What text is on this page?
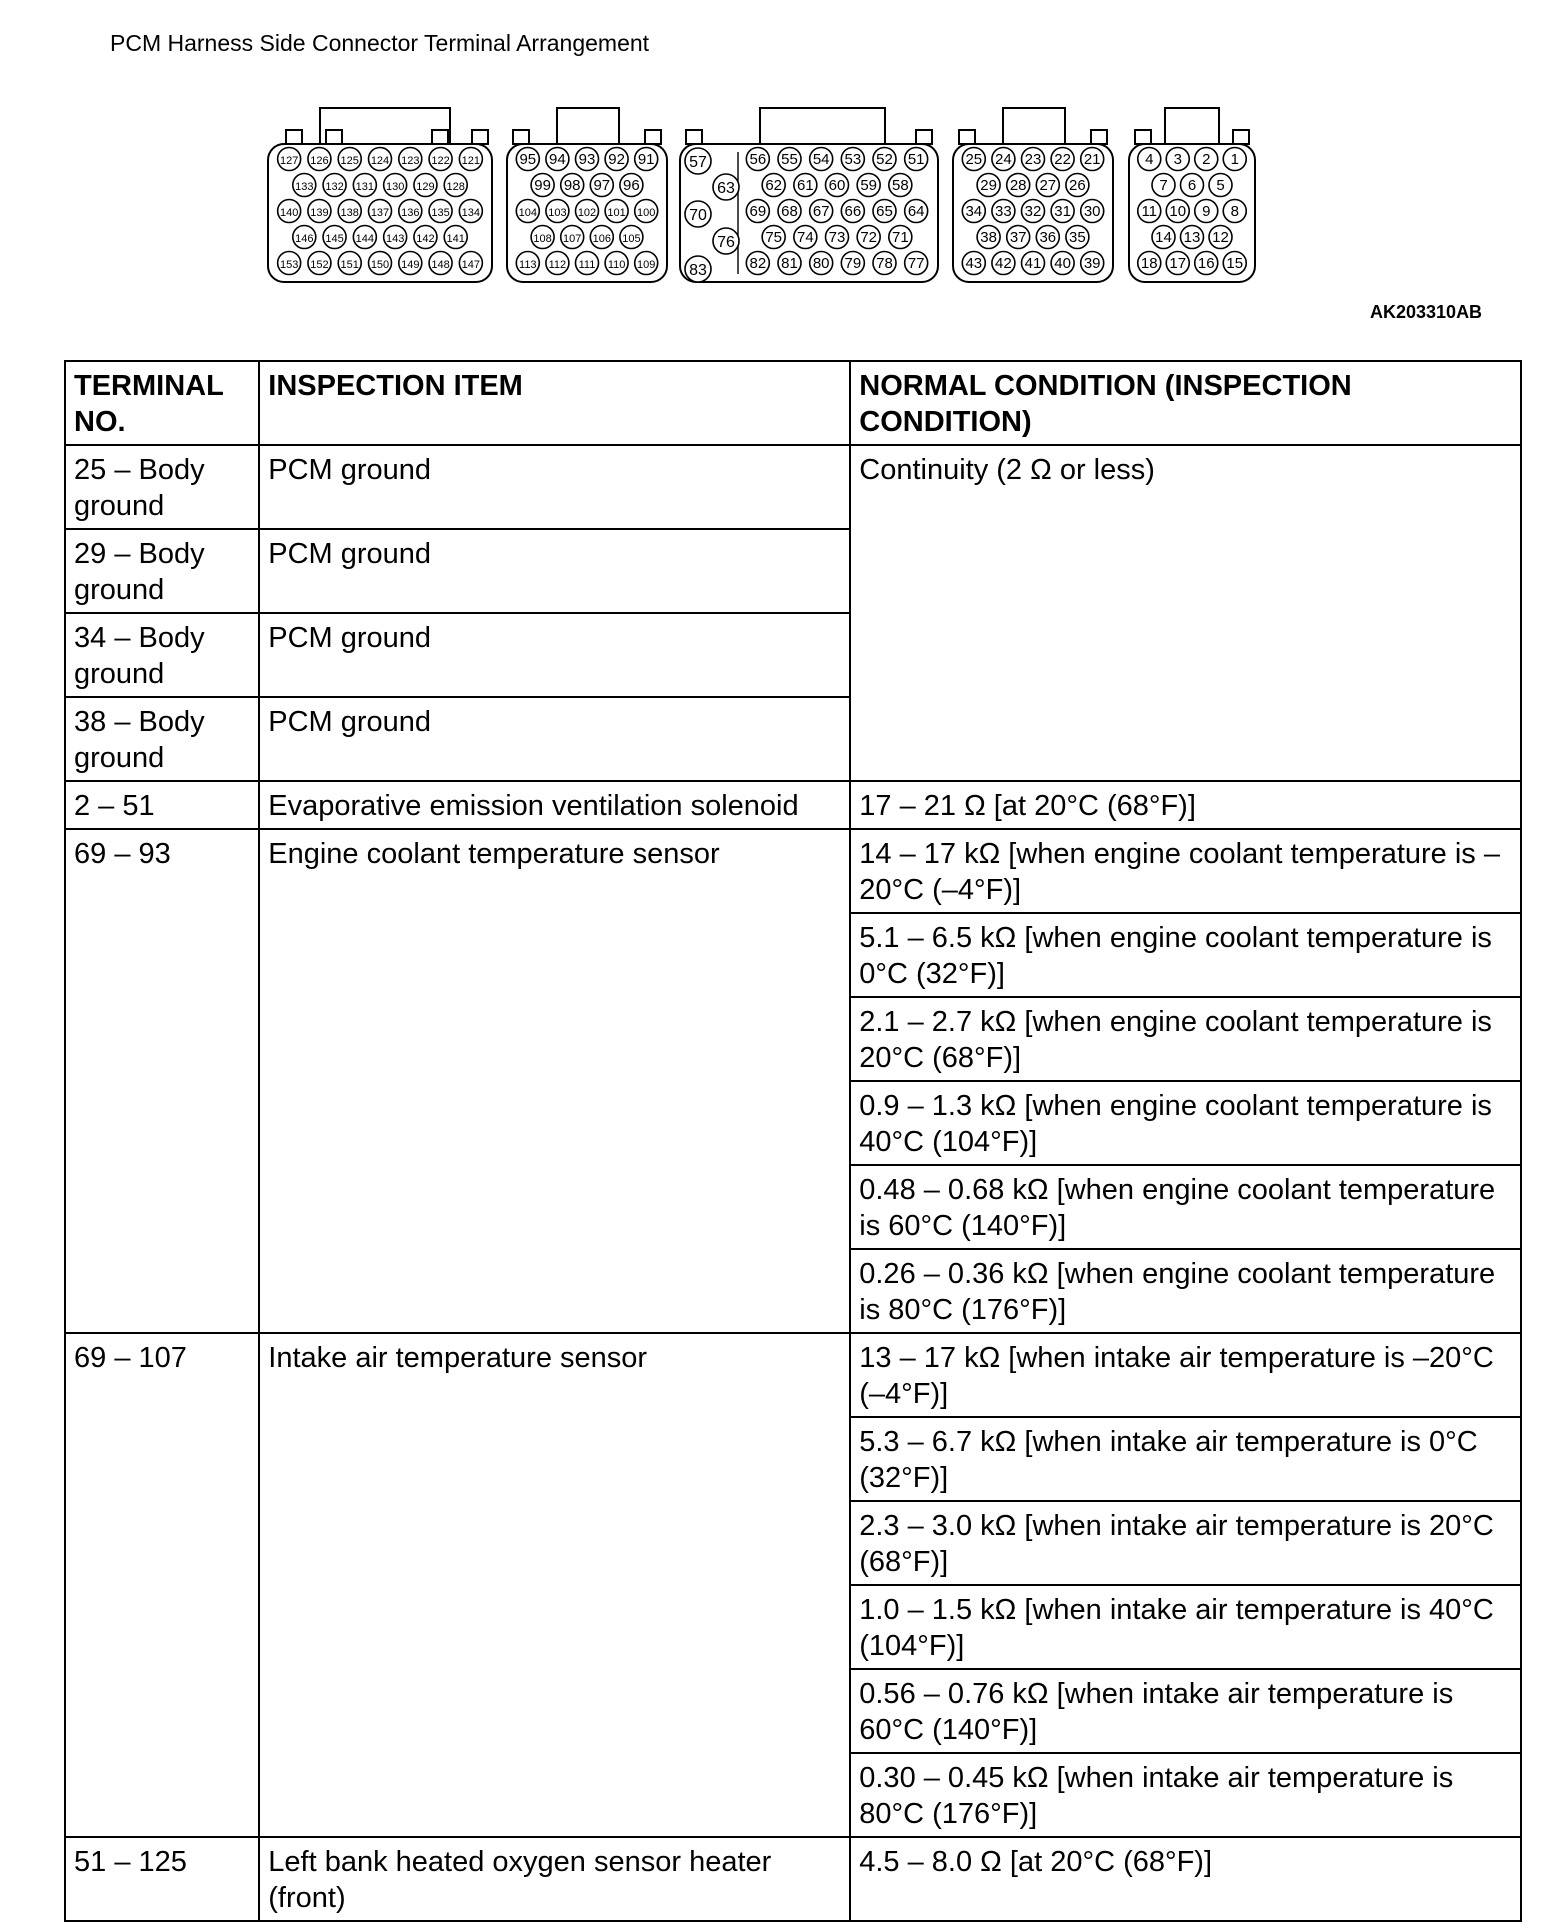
PCM Harness Side Connector Terminal Arrangement
127 126 125 124 123 122 121
133 132 131 130 129 128
140 139 138 137 136 135 134
146 145 144 143 142 141
153 152 151 150 149 148 147
95 94 93 92 91
99 98 97 96
104 103 102 101 100
108 107 106 105
113 112 111 110 109
56 55 54 53 52 51
62 61 60 59 58
69 68 67 66 65 64
75 74 73 72 71
82 81 80 79 78 77
57
63
70
76
83
25 24 23 22 21
29 28 27 26
34 33 32 31 30
38 37 36 35
43 42 41 40 39
4 3 2 1
7 6 5
11 10 9 8
14 13 12
18 17 16 15
AK203310AB
TERMINAL NO.	INSPECTION ITEM	NORMAL CONDITION (INSPECTION CONDITION)
25 – Body ground	PCM ground	Continuity (2 Ω or less)
29 – Body ground	PCM ground	
34 – Body ground	PCM ground	
38 – Body ground	PCM ground	
2 – 51	Evaporative emission ventilation solenoid	17 – 21 Ω [at 20°C (68°F)]
69 – 93	Engine coolant temperature sensor	14 – 17 kΩ [when engine coolant temperature is –20°C (–4°F)]
		5.1 – 6.5 kΩ [when engine coolant temperature is 0°C (32°F)]
		2.1 – 2.7 kΩ [when engine coolant temperature is 20°C (68°F)]
		0.9 – 1.3 kΩ [when engine coolant temperature is 40°C (104°F)]
		0.48 – 0.68 kΩ [when engine coolant temperature is 60°C (140°F)]
		0.26 – 0.36 kΩ [when engine coolant temperature is 80°C (176°F)]
69 – 107	Intake air temperature sensor	13 – 17 kΩ [when intake air temperature is –20°C (–4°F)]
		5.3 – 6.7 kΩ [when intake air temperature is 0°C (32°F)]
		2.3 – 3.0 kΩ [when intake air temperature is 20°C (68°F)]
		1.0 – 1.5 kΩ [when intake air temperature is 40°C (104°F)]
		0.56 – 0.76 kΩ [when intake air temperature is 60°C (140°F)]
		0.30 – 0.45 kΩ [when intake air temperature is 80°C (176°F)]
51 – 125	Left bank heated oxygen sensor heater (front)	4.5 – 8.0 Ω [at 20°C (68°F)]
